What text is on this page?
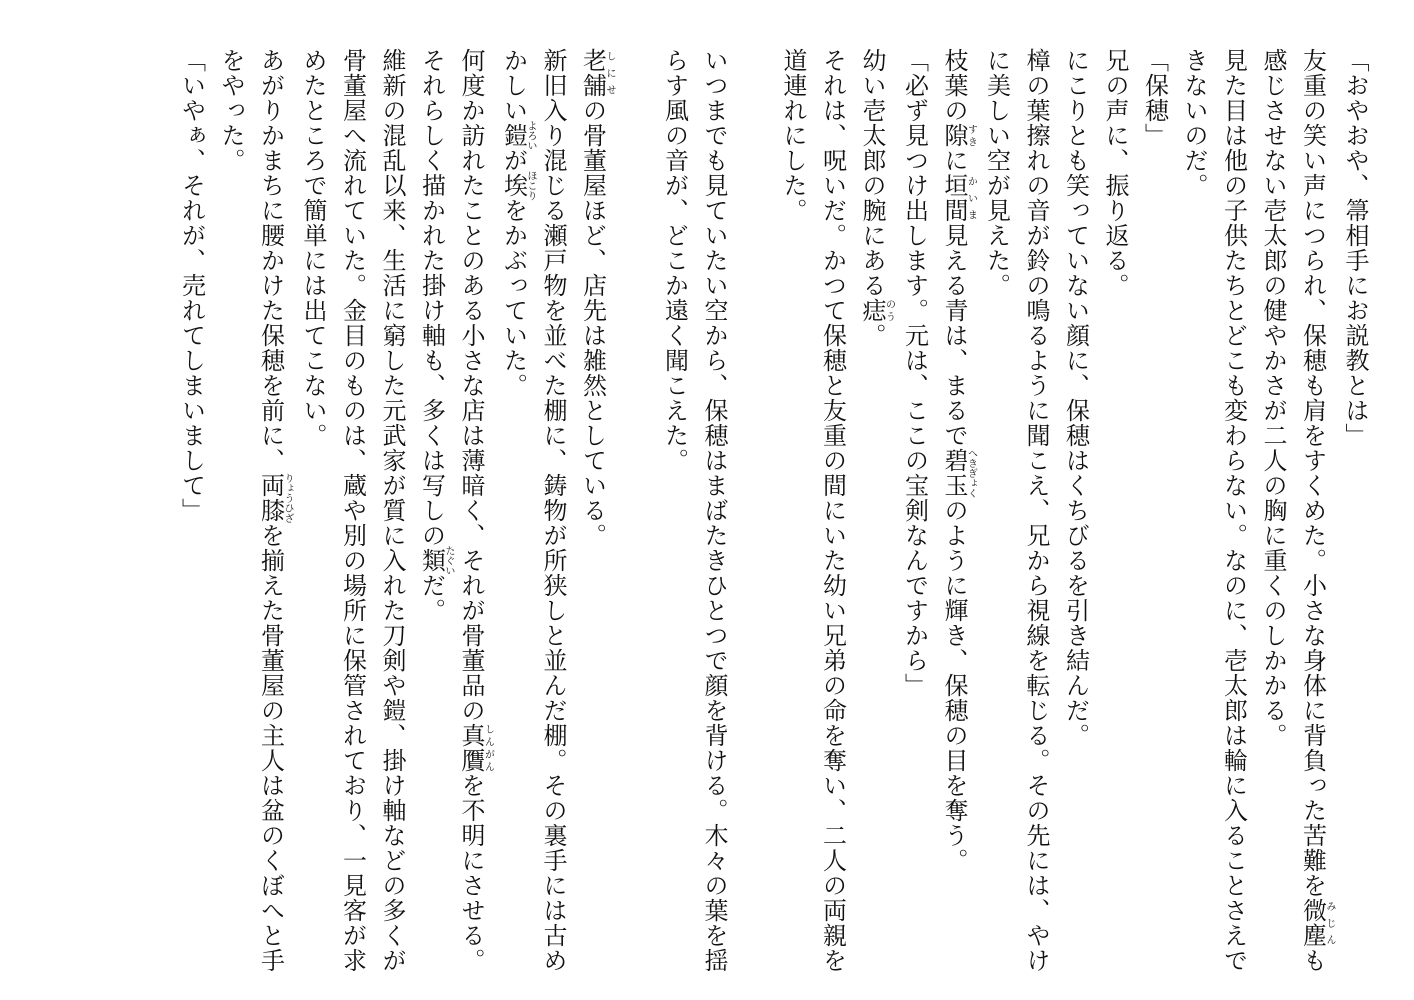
「おやおや、箒相手にお説教とは」

友重の笑い声につられ、保穂も肩をすくめた。小さな身体に背負った苦難を微塵みじんも感じさせない壱太郎の健やかさが二人の胸に重くのしかかる。

見た目は他の子供たちとどこも変わらない。なのに、壱太郎は輪に入ることさえできないのだ。

「保穂」

兄の声に、振り返る。

にこりとも笑っていない顔に、保穂はくちびるを引き結んだ。

樟の葉擦れの音が鈴の鳴るように聞こえ、兄から視線を転じる。その先には、やけに美しい空が見えた。

枝葉の隙すきに垣間かいま見える青は、まるで碧玉へきぎょくのように輝き、保穂の目を奪う。

「必ず見つけ出します。元は、ここの宝剣なんですから」

幼い壱太郎の腕にある痣のう。

それは、呪いだ。かつて保穂と友重の間にいた幼い兄弟の命を奪い、二人の両親を道連れにした。

いつまでも見ていたい空から、保穂はまばたきひとつで顔を背ける。木々の葉を揺らす風の音が、どこか遠く聞こえた。

老舗しにせの骨董屋ほど、店先は雑然としている。

新旧入り混じる瀬戸物を並べた棚に、鋳物が所狭しと並んだ棚。その裏手には古めかしい鎧よろいが埃ほこりをかぶっていた。

何度か訪れたことのある小さな店は薄暗く、それが骨董品の真贋しんがんを不明にさせる。それらしく描かれた掛け軸も、多くは写しの類たぐいだ。

維新の混乱以来、生活に窮した元武家が質に入れた刀剣や鎧、掛け軸などの多くが骨董屋へ流れていた。金目のものは、蔵や別の場所に保管されており、一見客が求めたところで簡単には出てこない。

あがりかまちに腰かけた保穂を前に、両膝りょうひざを揃えた骨董屋の主人は盆のくぼへと手をやった。

「いやぁ、それが、売れてしまいまして」
